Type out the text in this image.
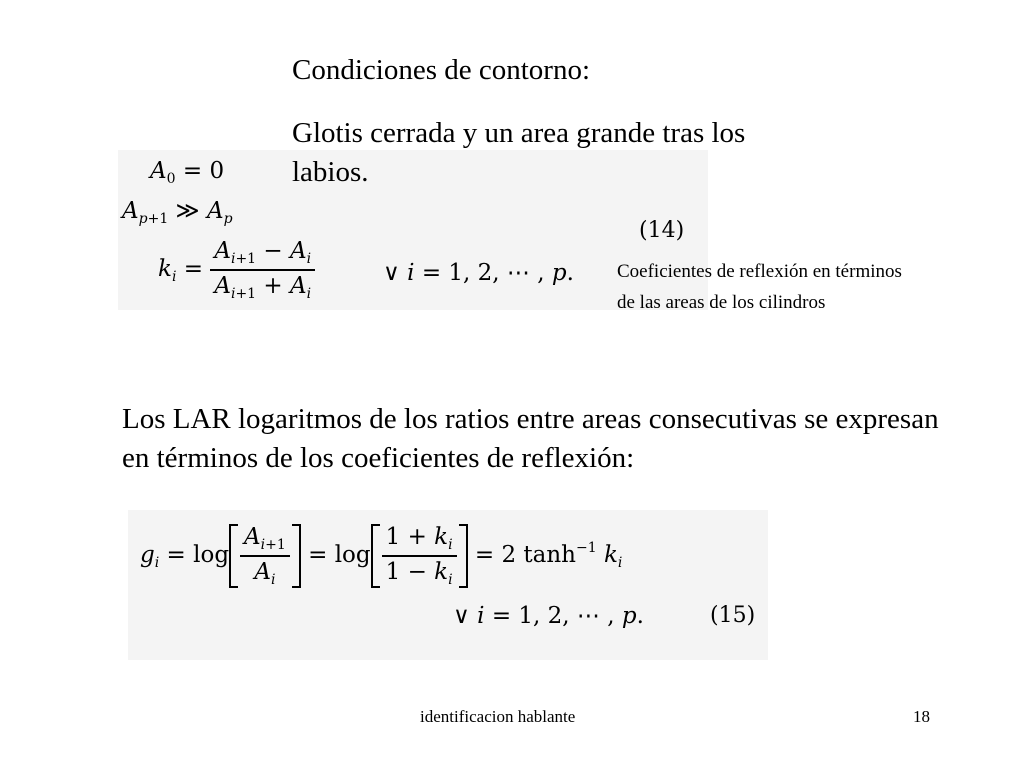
Condiciones de contorno:
$A_0 = 0$
$A_{p+1}$ ≫ $A_p$
$k_i = \frac{A_{i+1} - A_i}{A_{i+1} + A_i}$	∨ i = 1, 2, ⋯ , p.
(14)
Glotis cerrada y un area grande tras los labios.
Coeficientes de reflexión en términos de las areas de los cilindros
Los LAR logaritmos de los ratios entre areas consecutivas se expresan en términos de los coeficientes de reflexión:
$g_i = \log \frac{A_{i+1}}{A_i} = \log \frac{1 + k_i}{1 - k_i} = 2$ $\tanh^{-1} k_i$
∨ i = 1, 2, ⋯ , p.	(15)
identificacion hablante	18
